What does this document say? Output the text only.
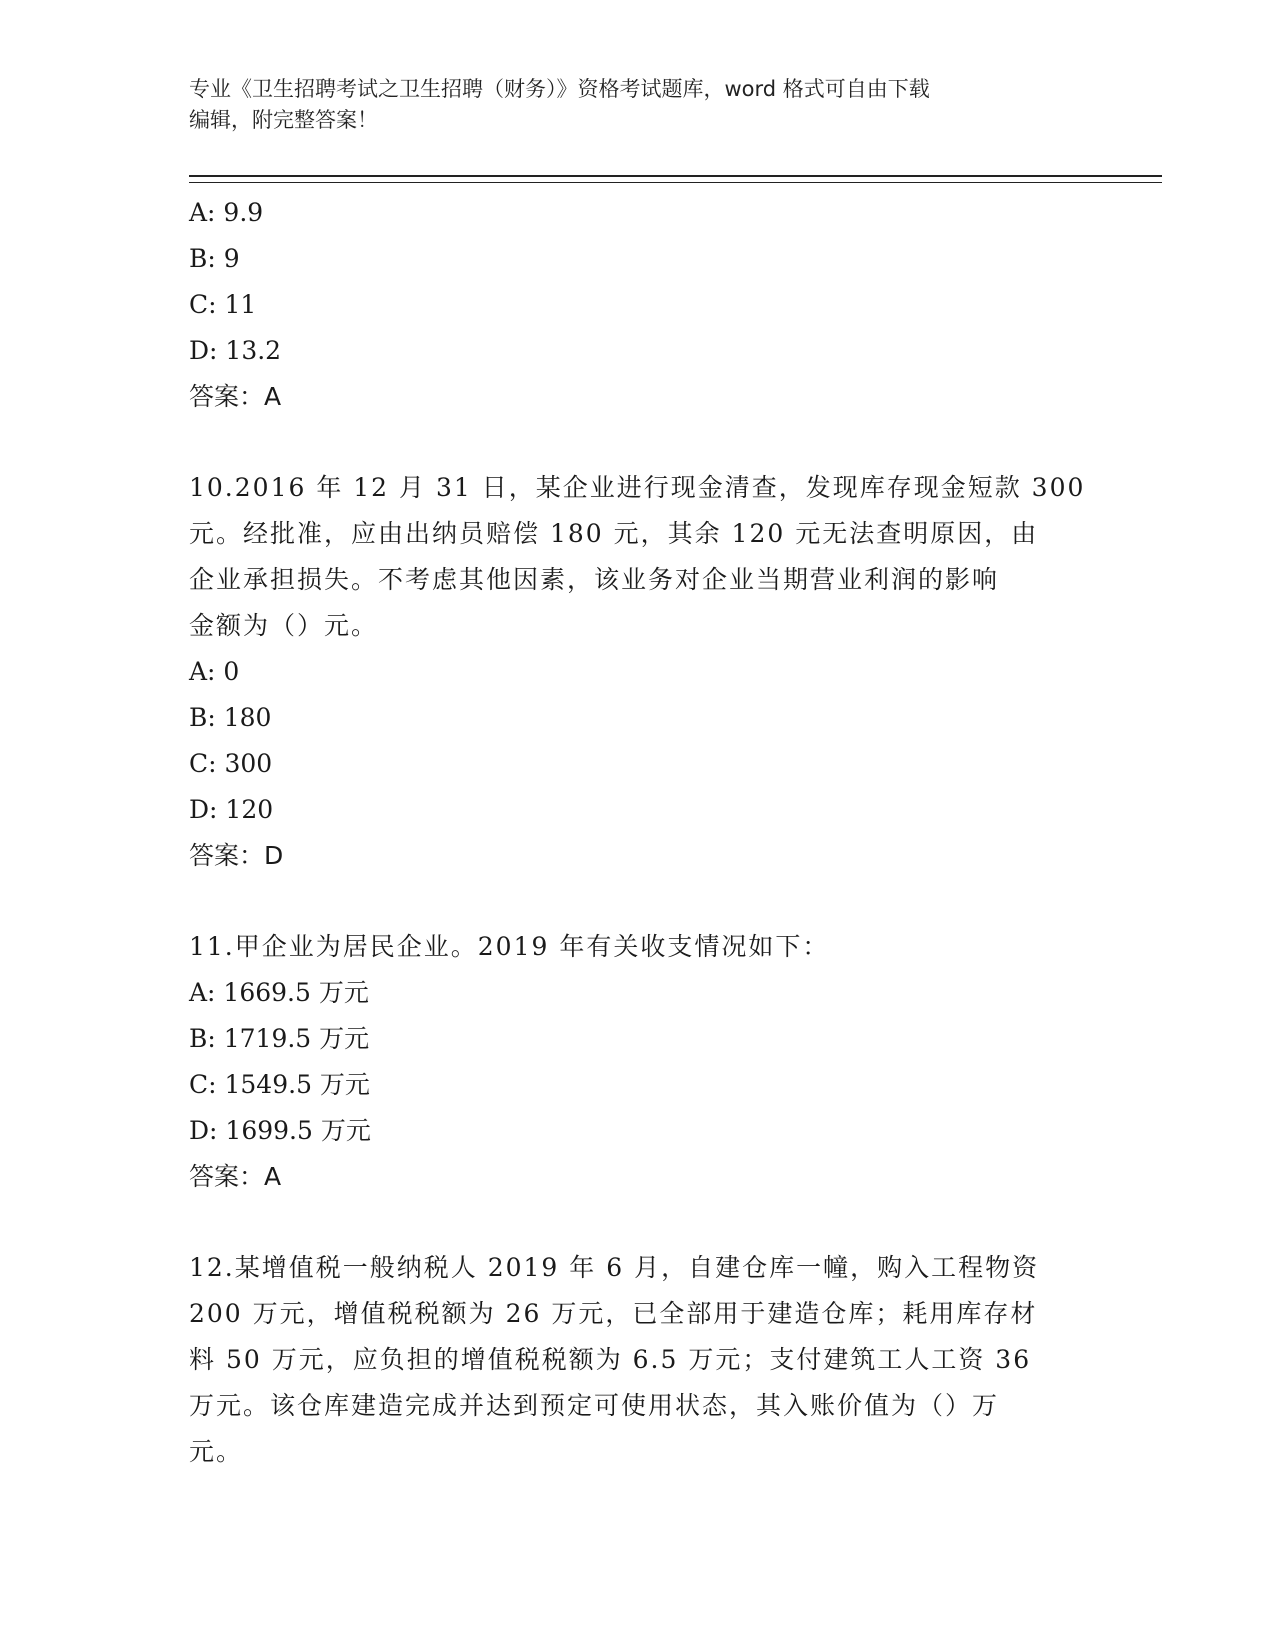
专业《卫生招聘考试之卫生招聘（财务）》资格考试题库，word 格式可自由下载
编辑，附完整答案！
A: 9.9
B: 9
C: 11
D: 13.2
答案：A
10.2016 年 12 月 31 日，某企业进行现金清查，发现库存现金短款 300
元。经批准，应由出纳员赔偿 180 元，其余 120 元无法查明原因，由
企业承担损失。不考虑其他因素，该业务对企业当期营业利润的影响
金额为（）元。
A: 0
B: 180
C: 300
D: 120
答案：D
11.甲企业为居民企业。2019 年有关收支情况如下：
A: 1669.5 万元
B: 1719.5 万元
C: 1549.5 万元
D: 1699.5 万元
答案：A
12.某增值税一般纳税人 2019 年 6 月，自建仓库一幢，购入工程物资
200 万元，增值税税额为 26 万元，已全部用于建造仓库；耗用库存材
料 50 万元，应负担的增值税税额为 6.5 万元；支付建筑工人工资 36
万元。该仓库建造完成并达到预定可使用状态，其入账价值为（）万
元。
